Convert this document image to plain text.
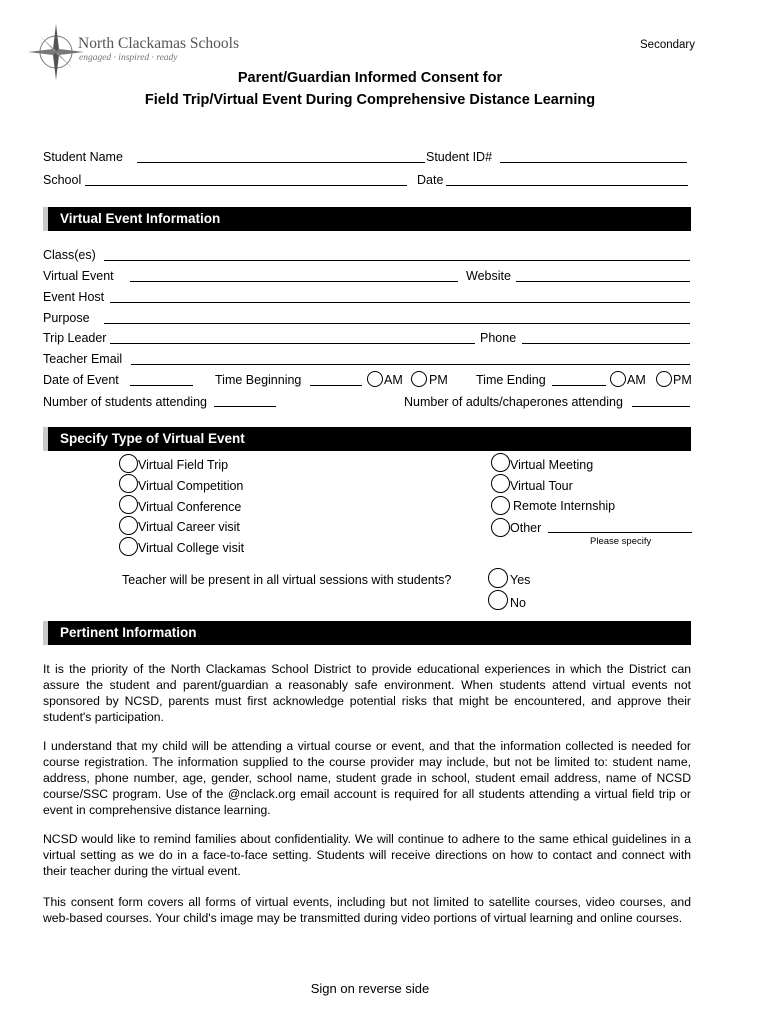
North Clackamas Schools
engaged · inspired · ready
Secondary
Parent/Guardian Informed Consent for
Field Trip/Virtual Event During Comprehensive Distance Learning
Student Name	Student ID#
School	Date
Virtual Event Information
Class(es)
Virtual Event	Website
Event Host
Purpose
Trip Leader	Phone
Teacher Email
Date of Event	Time Beginning	AM PM Time Ending	AM PM
Number of students attending	Number of adults/chaperones attending
Specify Type of Virtual Event
Virtual Field Trip
Virtual Competition
Virtual Conference
Virtual Career visit
Virtual College visit
Virtual Meeting
Virtual Tour
Remote Internship
Other
Please specify
Teacher will be present in all virtual sessions with students?	Yes
No
Pertinent Information
It is the priority of the North Clackamas School District to provide educational experiences in which the District can assure the student and parent/guardian a reasonably safe environment. When students attend virtual events not sponsored by NCSD, parents must first acknowledge potential risks that might be encountered, and approve their student's participation.
I understand that my child will be attending a virtual course or event, and that the information collected is needed for course registration. The information supplied to the course provider may include, but not be limited to: student name, address, phone number, age, gender, school name, student grade in school, student email address, name of NCSD course/SSC program. Use of the @nclack.org email account is required for all students attending a virtual field trip or event in comprehensive distance learning.
NCSD would like to remind families about confidentiality. We will continue to adhere to the same ethical guidelines in a virtual setting as we do in a face-to-face setting. Students will receive directions on how to contact and connect with their teacher during the virtual event.
This consent form covers all forms of virtual events, including but not limited to satellite courses, video courses, and web-based courses. Your child's image may be transmitted during video portions of virtual learning and online courses.
Sign on reverse side
